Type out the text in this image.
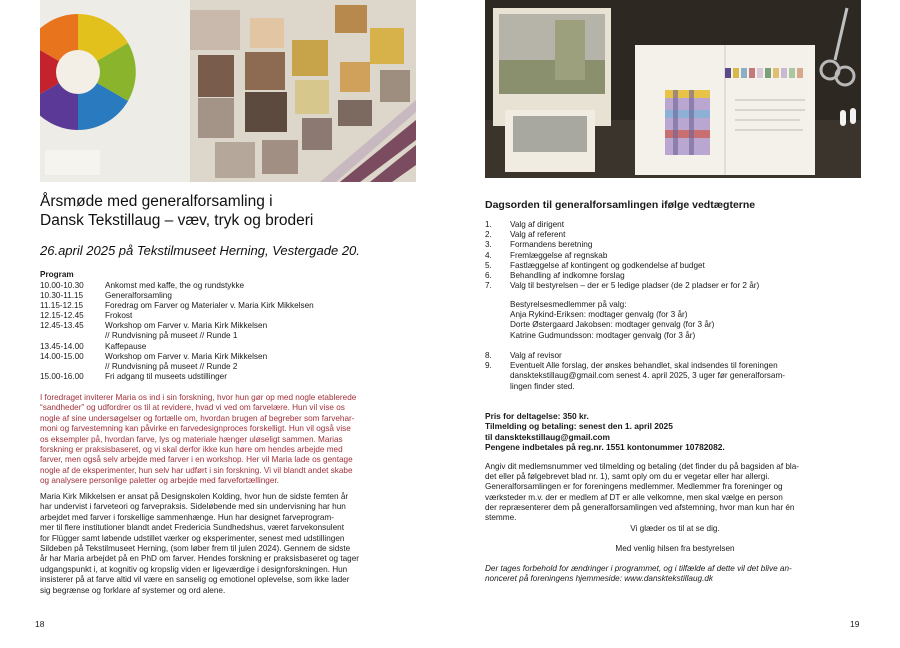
Årsmøde med generalforsamling i
Dansk Tekstillaug – væv, tryk og broderi
26.april 2025 på Tekstilmuseet Herning, Vestergade 20.
Program
10.00-10.30	Ankomst med kaffe, the og rundstykke
10.30-11.15	Generalforsamling
11.15-12.15	Foredrag om Farver og Materialer v. Maria Kirk Mikkelsen
12.15-12.45	Frokost
12.45-13.45	Workshop om Farver v. Maria Kirk Mikkelsen
// Rundvisning på museet // Runde 1
13.45-14.00	Kaffepause
14.00-15.00	Workshop om Farver v. Maria Kirk Mikkelsen
// Rundvisning på museet // Runde 2
15.00-16.00	Fri adgang til museets udstillinger
I foredraget inviterer Maria os ind i sin forskning, hvor hun gør op med nogle etablerede
“sandheder” og udfordrer os til at revidere, hvad vi ved om farvelære. Hun vil vise os
nogle af sine undersøgelser og fortælle om, hvordan brugen af begreber som farvehar-
moni og farvestemning kan påvirke en farvedesignproces forskelligt. Hun vil også vise
os eksempler på, hvordan farve, lys og materiale hænger uløseligt sammen. Marias
forskning er praksisbaseret, og vi skal derfor ikke kun høre om hendes arbejde med
farver, men også selv arbejde med farver i en workshop. Her vil Maria lade os gentage
nogle af de eksperimenter, hun selv har udført i sin forskning. Vi vil blandt andet skabe
og analysere personlige paletter og arbejde med farvefortællinger.
Maria Kirk Mikkelsen er ansat på Designskolen Kolding, hvor hun de sidste femten år
har undervist i farveteori og farvepraksis. Sideløbende med sin undervisning har hun
arbejdet med farver i forskellige sammenhænge. Hun har designet farveprogram-
mer til flere institutioner blandt andet Fredericia Sundhedshus, været farvekonsulent
for Flügger samt løbende udstillet værker og eksperimenter, senest med udstillingen
Sildeben på Tekstilmuseet Herning, (som løber frem til julen 2024). Gennem de sidste
år har Maria arbejdet på en PhD om farver. Hendes forskning er praksisbaseret og tager
udgangspunkt i, at kognitiv og kropslig viden er ligeværdige i designforskningen. Hun
insisterer på at farve altid vil være en sanselig og emotionel oplevelse, som ikke lader
sig begrænse og forklare af systemer og ord alene.
18
Dagsorden til generalforsamlingen ifølge vedtægterne
1.	Valg af dirigent
2.	Valg af referent
3.	Formandens beretning
4.	Fremlæggelse af regnskab
5.	Fastlæggelse af kontingent og godkendelse af budget
6.	Behandling af indkomne forslag
7.	Valg til bestyrelsen – der er 5 ledige pladser (de 2 pladser er for 2 år)
Bestyrelsesmedlemmer på valg:
Anja Rykind-Eriksen: modtager genvalg (for 3 år)
Dorte Østergaard Jakobsen: modtager genvalg (for 3 år)
Katrine Gudmundsson: modtager genvalg (for 3 år)
8.	Valg af revisor
9.	Eventuelt Alle forslag, der ønskes behandlet, skal indsendes til foreningen
dansktekstillaug@gmail.com senest 4. april 2025, 3 uger før generalforsam-
lingen finder sted.
Pris for deltagelse: 350 kr.
Tilmelding og betaling: senest den 1. april 2025
til dansktekstillaug@gmail.com
Pengene indbetales på reg.nr. 1551 kontonummer 10782082.
Angiv dit medlemsnummer ved tilmelding og betaling (det finder du på bagsiden af bla-
det eller på følgebrevet blad nr. 1), samt oply om du er vegetar eller har allergi.
Generalforsamlingen er for foreningens medlemmer. Medlemmer fra foreninger og
værksteder m.v. der er medlem af DT er alle velkomne, men skal vælge en person
der repræsenterer dem på generalforsamlingen ved afstemning, hvor man kun har én
stemme.
Vi glæder os til at se dig.
Med venlig hilsen fra bestyrelsen
Der tages forbehold for ændringer i programmet, og i tilfælde af dette vil det blive an-
nonceret på foreningens hjemmeside: www.dansktekstillaug.dk
19
